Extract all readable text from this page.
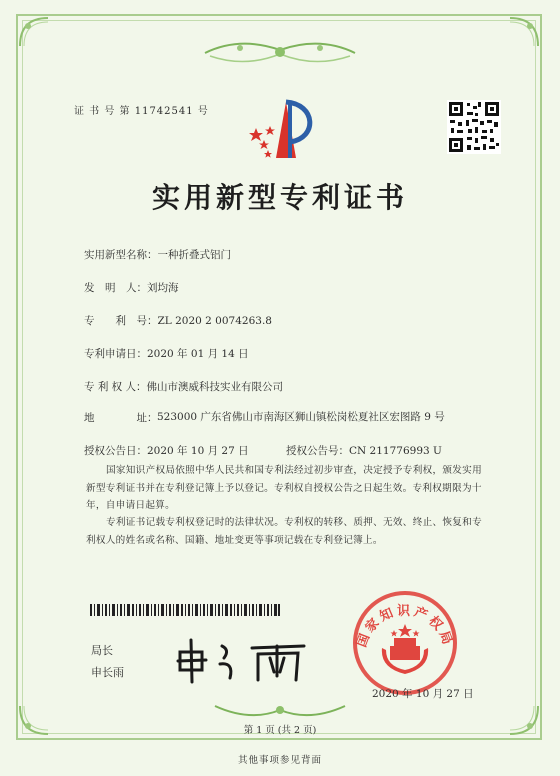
证 书 号 第 11742541 号
实用新型专利证书
实用新型名称：一种折叠式铝门
发　明　人：刘均海
专　　利　号：ZL 2020 2 0074263.8
专利申请日：2020 年 01 月 14 日
专 利 权 人：佛山市澳威科技实业有限公司
地　　　　址： 523000 广东省佛山市南海区狮山镇松岗松夏社区宏图路 9 号
授权公告日：2020 年 10 月 27 日	授权公告号：CN 211776993 U
国家知识产权局依照中华人民共和国专利法经过初步审查，决定授予专利权，颁发实用新型专利证书并在专利登记簿上予以登记。专利权自授权公告之日起生效。专利权期限为十年，自申请日起算。
专利证书记载专利权登记时的法律状况。专利权的转移、质押、无效、终止、恢复和专利权人的姓名或名称、国籍、地址变更等事项记载在专利登记簿上。
局长
申长雨
国家知识产权局
2020 年 10 月 27 日
第 1 页 (共 2 页)
其他事项参见背面
